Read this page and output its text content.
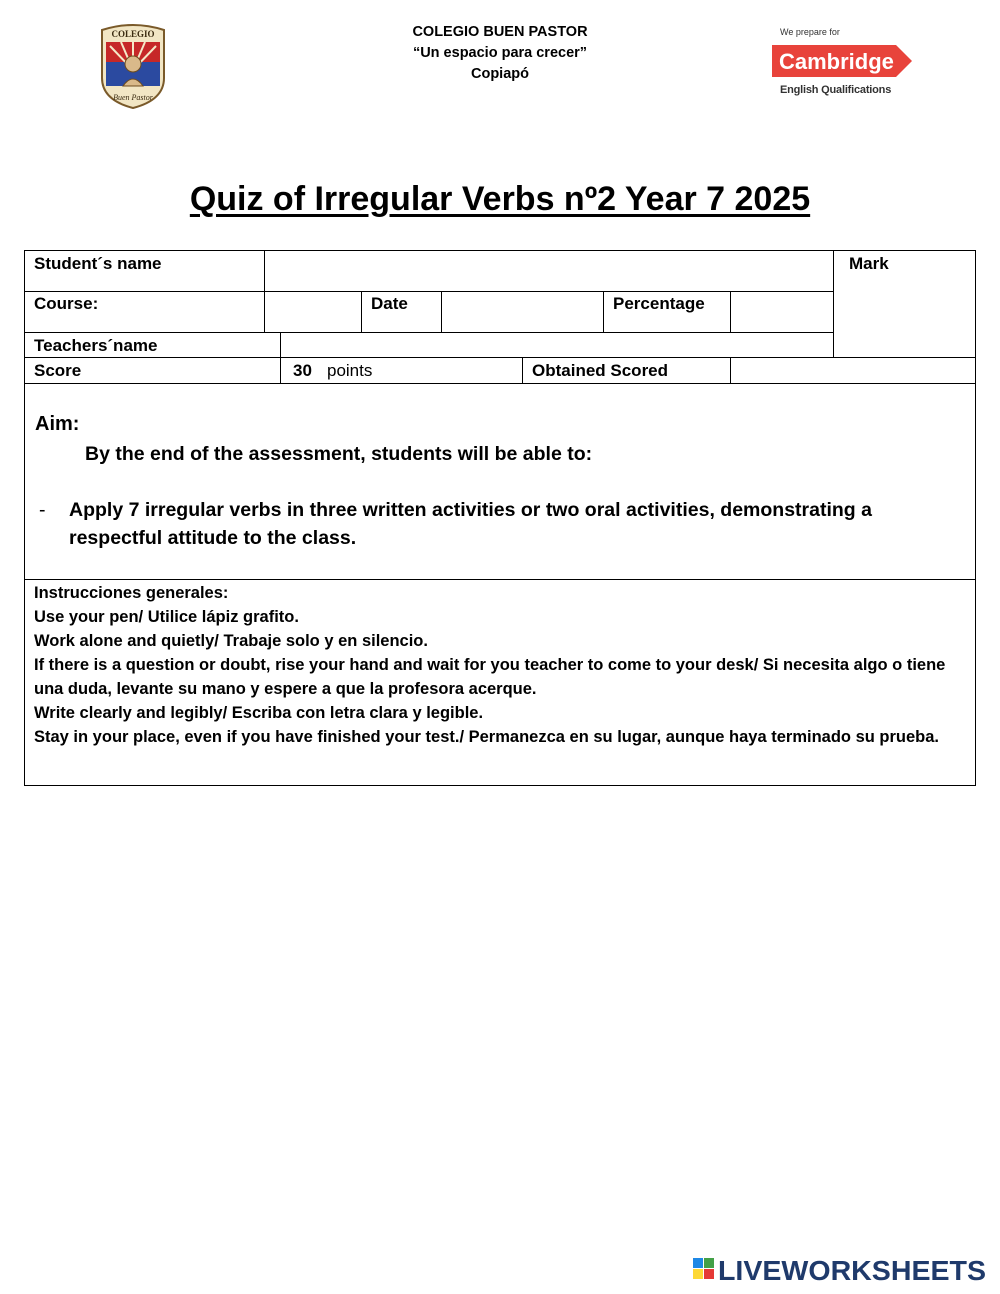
COLEGIO BUEN PASTOR
“Un espacio para crecer”
Copiapó
COLEGIO
Buen Pastor
We prepare for
Cambridge
English Qualifications
Quiz of Irregular Verbs nº2 Year 7 2025
Student´s name	Mark
Course:	Date	Percentage
Teachers´name
Score	30 points	Obtained Scored
Aim:
By the end of the assessment, students will be able to:
- Apply 7 irregular verbs in three written activities or two oral activities, demonstrating a respectful attitude to the class.
Instrucciones generales:
Use your pen/ Utilice lápiz grafito.
Work alone and quietly/ Trabaje solo y en silencio.
If there is a question or doubt, rise your hand and wait for you teacher to come to your desk/ Si necesita algo o tiene una duda, levante su mano y espere a que la profesora acerque.
Write clearly and legibly/ Escriba con letra clara y legible.
Stay in your place, even if you have finished your test./ Permanezca en su lugar, aunque haya terminado su prueba.
LIVEWORKSHEETS
